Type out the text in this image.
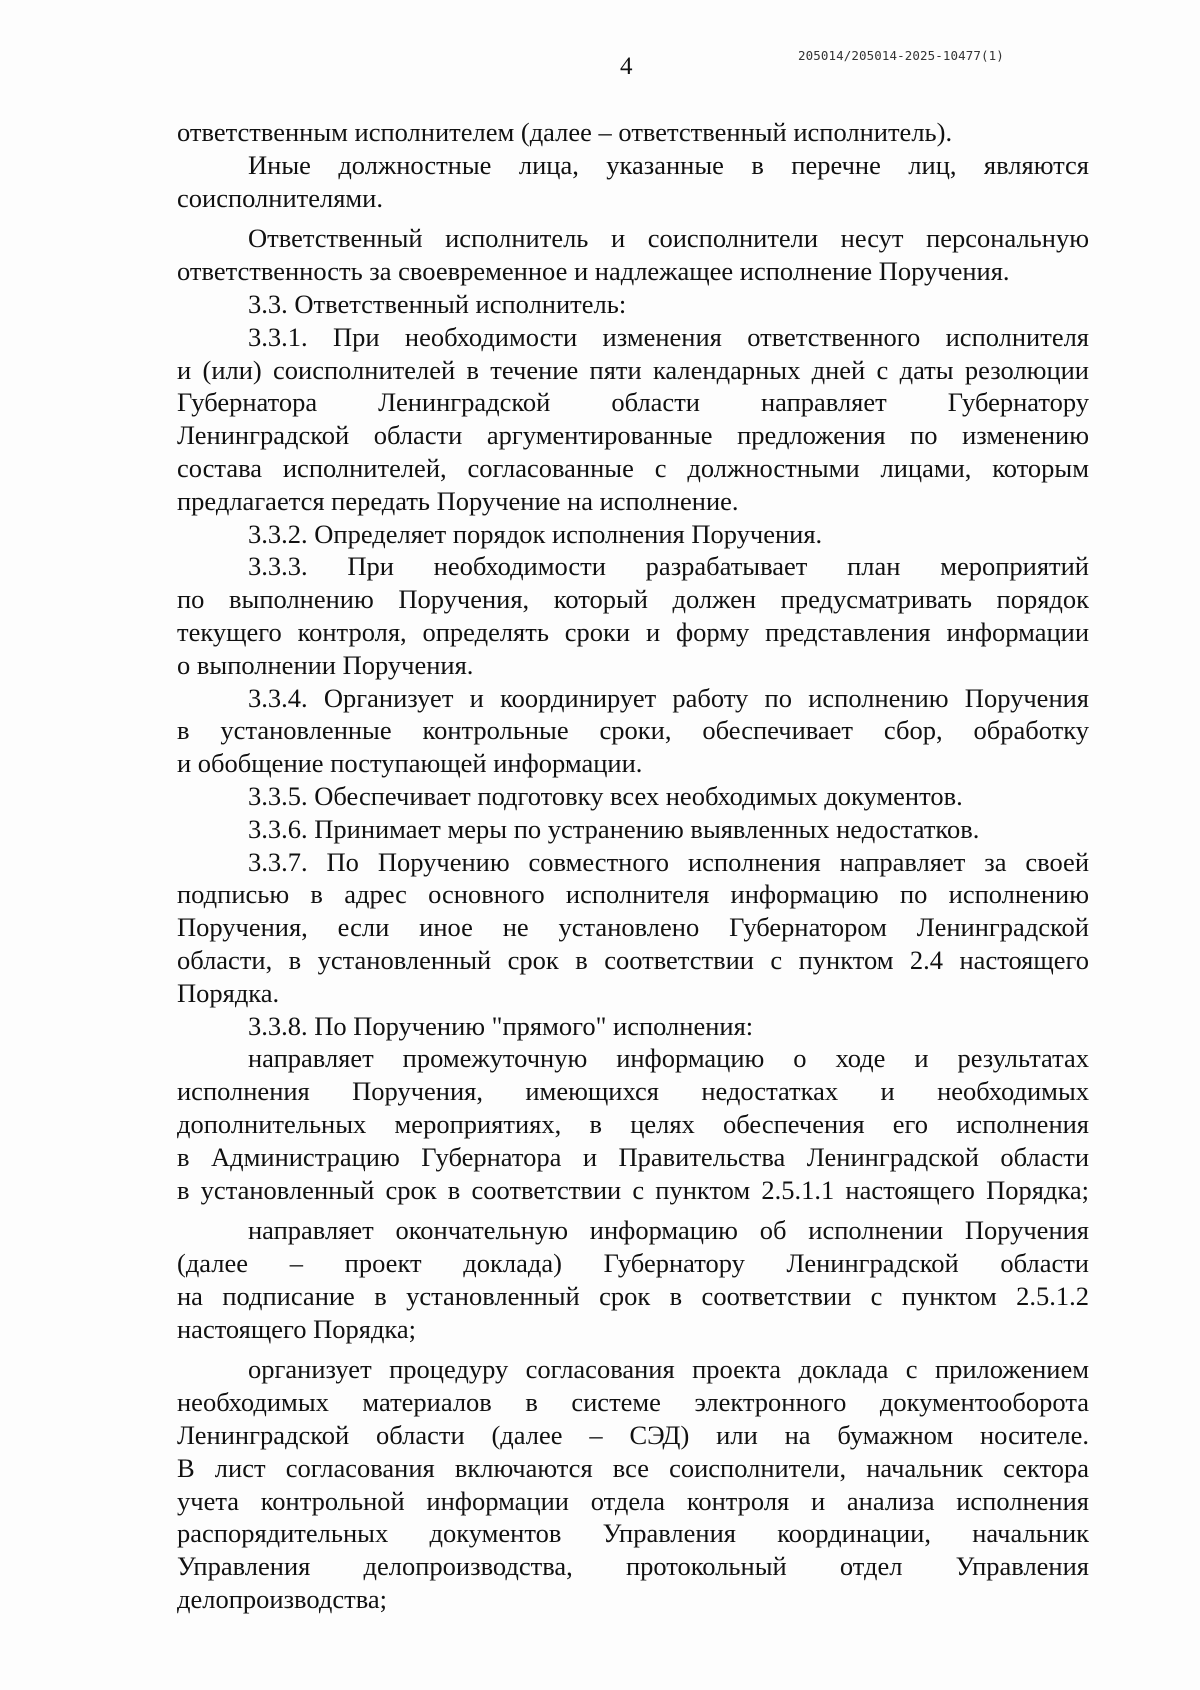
4	205014/205014-2025-10477(1)
ответственным исполнителем (далее – ответственный исполнитель).
Иные должностные лица, указанные в перечне лиц, являются
соисполнителями.
Ответственный исполнитель и соисполнители несут персональную
ответственность за своевременное и надлежащее исполнение Поручения.
3.3. Ответственный исполнитель:
3.3.1. При необходимости изменения ответственного исполнителя
и (или) соисполнителей в течение пяти календарных дней с даты резолюции
Губернатора Ленинградской области направляет Губернатору
Ленинградской области аргументированные предложения по изменению
состава исполнителей, согласованные с должностными лицами, которым
предлагается передать Поручение на исполнение.
3.3.2. Определяет порядок исполнения Поручения.
3.3.3. При необходимости разрабатывает план мероприятий
по выполнению Поручения, который должен предусматривать порядок
текущего контроля, определять сроки и форму представления информации
о выполнении Поручения.
3.3.4. Организует и координирует работу по исполнению Поручения
в установленные контрольные сроки, обеспечивает сбор, обработку
и обобщение поступающей информации.
3.3.5. Обеспечивает подготовку всех необходимых документов.
3.3.6. Принимает меры по устранению выявленных недостатков.
3.3.7. По Поручению совместного исполнения направляет за своей
подписью в адрес основного исполнителя информацию по исполнению
Поручения, если иное не установлено Губернатором Ленинградской
области, в установленный срок в соответствии с пунктом 2.4 настоящего
Порядка.
3.3.8. По Поручению "прямого" исполнения:
направляет промежуточную информацию о ходе и результатах
исполнения Поручения, имеющихся недостатках и необходимых
дополнительных мероприятиях, в целях обеспечения его исполнения
в Администрацию Губернатора и Правительства Ленинградской области
в установленный срок в соответствии с пунктом 2.5.1.1 настоящего Порядка;
направляет окончательную информацию об исполнении Поручения
(далее – проект доклада) Губернатору Ленинградской области
на подписание в установленный срок в соответствии с пунктом 2.5.1.2
настоящего Порядка;
организует процедуру согласования проекта доклада с приложением
необходимых материалов в системе электронного документооборота
Ленинградской области (далее – СЭД) или на бумажном носителе.
В лист согласования включаются все соисполнители, начальник сектора
учета контрольной информации отдела контроля и анализа исполнения
распорядительных документов Управления координации, начальник
Управления делопроизводства, протокольный отдел Управления
делопроизводства;
